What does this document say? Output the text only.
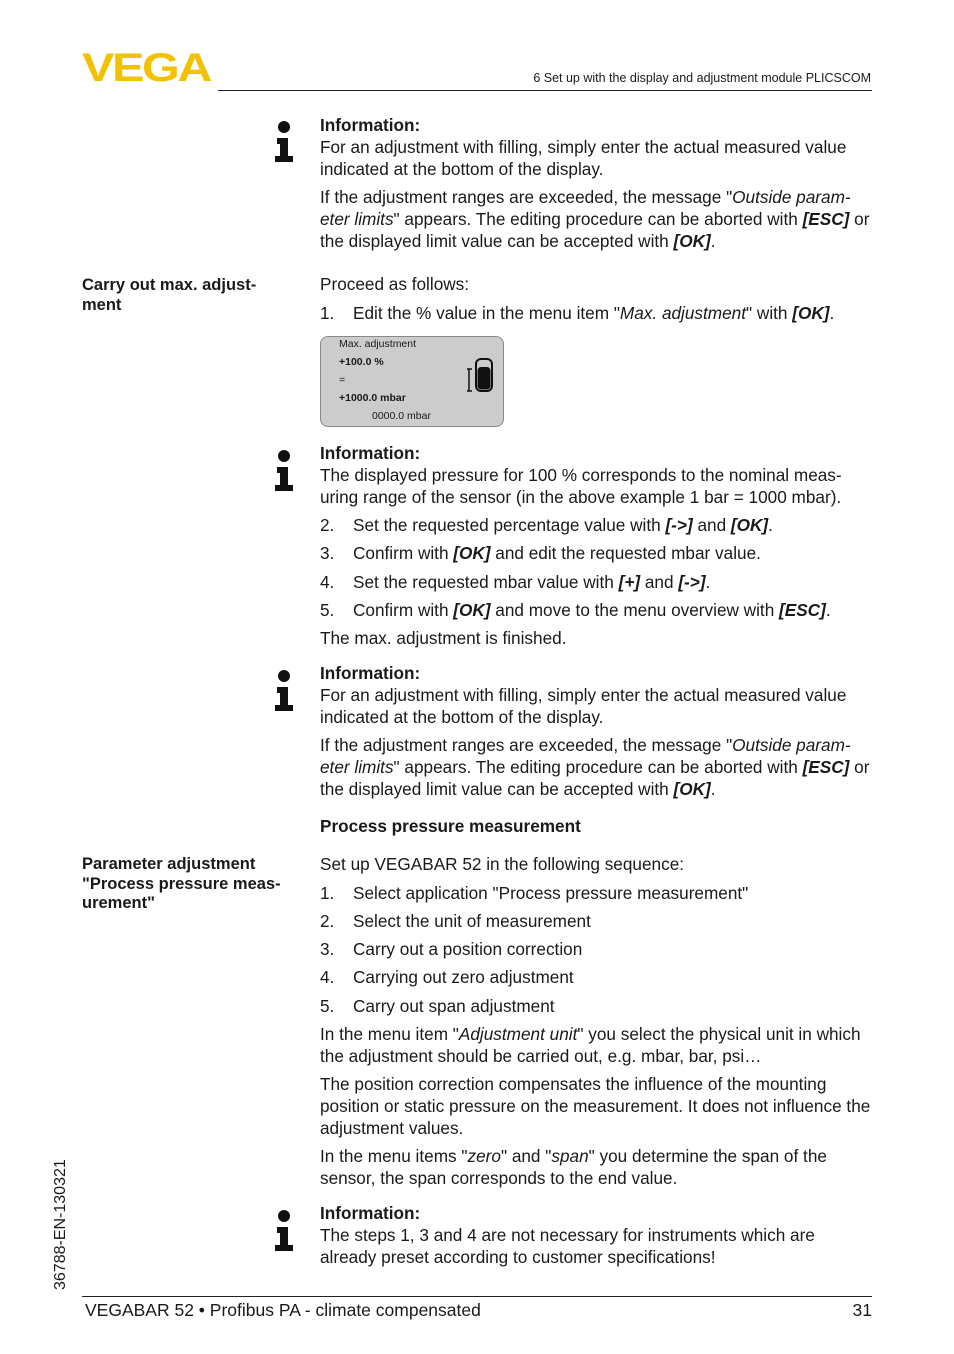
VEGA	6 Set up with the display and adjustment module PLICSCOM
Information:
For an adjustment with filling, simply enter the actual measured value indicated at the bottom of the display.
If the adjustment ranges are exceeded, the message "Outside param-eter limits" appears. The editing procedure can be aborted with [ESC] or the displayed limit value can be accepted with [OK].
Carry out max. adjust-ment
Proceed as follows:
1. Edit the % value in the menu item "Max. adjustment" with [OK].
Max. adjustment
+100.0 %
=
+1000.0 mbar
0000.0 mbar
Information:
The displayed pressure for 100 % corresponds to the nominal meas-uring range of the sensor (in the above example 1 bar = 1000 mbar).
2. Set the requested percentage value with [->] and [OK].
3. Confirm with [OK] and edit the requested mbar value.
4. Set the requested mbar value with [+] and [->].
5. Confirm with [OK] and move to the menu overview with [ESC].
The max. adjustment is finished.
Information:
For an adjustment with filling, simply enter the actual measured value indicated at the bottom of the display.
If the adjustment ranges are exceeded, the message "Outside param-eter limits" appears. The editing procedure can be aborted with [ESC] or the displayed limit value can be accepted with [OK].
Process pressure measurement
Parameter adjustment "Process pressure meas-urement"
Set up VEGABAR 52 in the following sequence:
1. Select application "Process pressure measurement"
2. Select the unit of measurement
3. Carry out a position correction
4. Carrying out zero adjustment
5. Carry out span adjustment
In the menu item "Adjustment unit" you select the physical unit in which the adjustment should be carried out, e.g. mbar, bar, psi…
The position correction compensates the influence of the mounting position or static pressure on the measurement. It does not influence the adjustment values.
In the menu items "zero" and "span" you determine the span of the sensor, the span corresponds to the end value.
Information:
The steps 1, 3 and 4 are not necessary for instruments which are already preset according to customer specifications!
36788-EN-130321
VEGABAR 52 • Profibus PA - climate compensated	31
